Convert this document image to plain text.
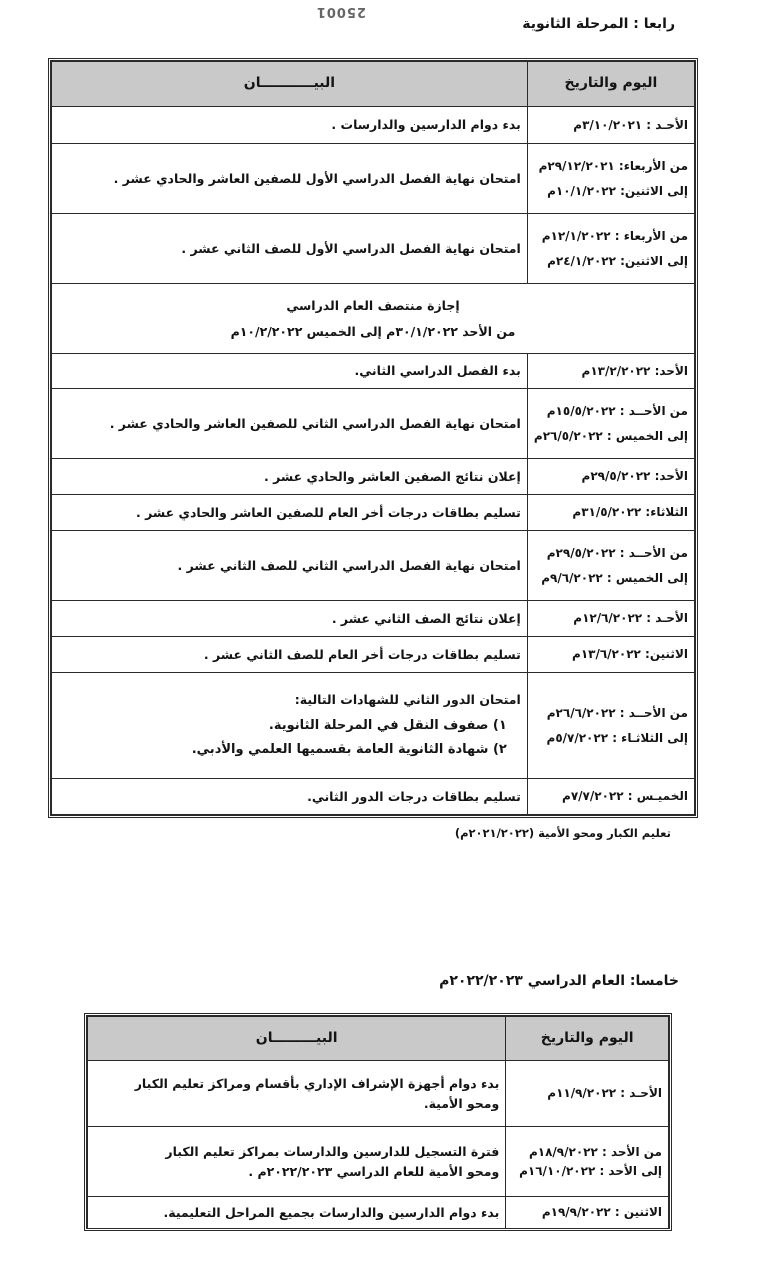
25001
رابعا : المرحلة الثانوية
اليوم والتاريخ	البيـــــــــــان

الأحـد : ٣/١٠/٢٠٢١م	بدء دوام الدارسين والدارسات .

من الأربعاء: ٢٩/١٢/٢٠٢١م
إلى الاثنين: ١٠/١/٢٠٢٢م	امتحان نهاية الفصل الدراسي الأول للصفين العاشر والحادي عشر .

من الأربعاء : ١٢/١/٢٠٢٢م
إلى الاثنين: ٢٤/١/٢٠٢٢م	امتحان نهاية الفصل الدراسي الأول للصف الثاني عشر .

إجازة منتصف العام الدراسي
من الأحد ٣٠/١/٢٠٢٢م إلى الخميس ١٠/٢/٢٠٢٢م	

الأحد: ١٣/٢/٢٠٢٢م	بدء الفصل الدراسي الثاني.

من الأحــد : ١٥/٥/٢٠٢٢م
إلى الخميس : ٢٦/٥/٢٠٢٢م	امتحان نهاية الفصل الدراسي الثاني للصفين العاشر والحادي عشر .

الأحد: ٢٩/٥/٢٠٢٢م	إعلان نتائج الصفين العاشر والحادي عشر .

الثلاثاء: ٣١/٥/٢٠٢٢م	تسليم بطاقات درجات أخر العام للصفين العاشر والحادي عشر .

من الأحــد : ٢٩/٥/٢٠٢٢م
إلى الخميس : ٩/٦/٢٠٢٢م	امتحان نهاية الفصل الدراسي الثاني للصف الثاني عشر .

الأحـد : ١٢/٦/٢٠٢٢م	إعلان نتائج الصف الثاني عشر .

الاثنين: ١٣/٦/٢٠٢٢م	تسليم بطاقات درجات أخر العام للصف الثاني عشر .

من الأحــد : ٢٦/٦/٢٠٢٢م
إلى الثلاثـاء : ٥/٧/٢٠٢٢م	امتحان الدور الثاني للشهادات التالية:
١) صفوف النقل في المرحلة الثانوية.
٢) شهادة الثانوية العامة بقسميها العلمي والأدبي.

الخميـس : ٧/٧/٢٠٢٢م	تسليم بطاقات درجات الدور الثاني.
تعليم الكبار ومحو الأمية (٢٠٢١/٢٠٢٢م)
خامسا: العام الدراسي ٢٠٢٢/٢٠٢٣م
اليوم والتاريخ	البيـــــــــان

الأحـد : ١١/٩/٢٠٢٢م	بدء دوام أجهزة الإشراف الإداري بأقسام ومراكز تعليم الكبار
ومحو الأمية.

من الأحد : ١٨/٩/٢٠٢٢م
إلى الأحد : ١٦/١٠/٢٠٢٢م	فترة التسجيل للدارسين والدارسات بمراكز تعليم الكبار
ومحو الأمية للعام الدراسي ٢٠٢٢/٢٠٢٣م .

الاثنين : ١٩/٩/٢٠٢٢م	بدء دوام الدارسين والدارسات بجميع المراحل التعليمية.
